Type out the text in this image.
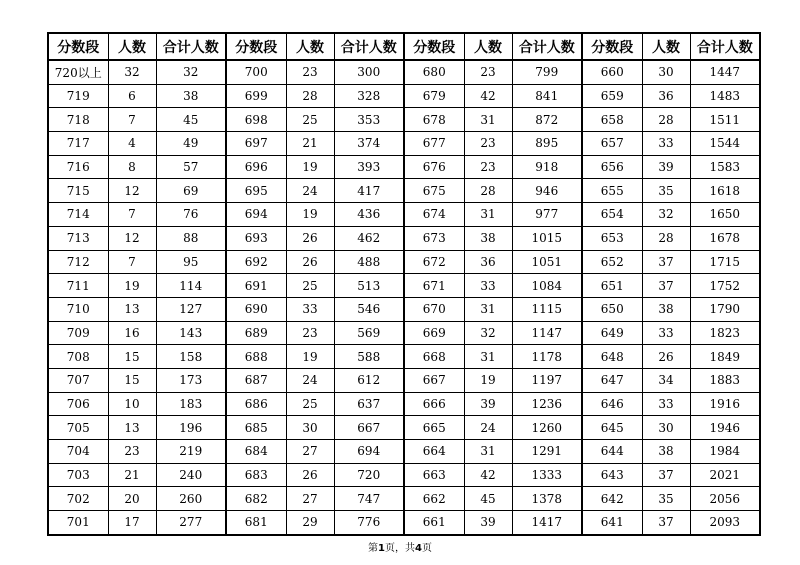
分数段	人数	合计人数	分数段	人数	合计人数	分数段	人数	合计人数	分数段	人数	合计人数
720以上	32	32	700	23	300	680	23	799	660	30	1447
719	6	38	699	28	328	679	42	841	659	36	1483
718	7	45	698	25	353	678	31	872	658	28	1511
717	4	49	697	21	374	677	23	895	657	33	1544
716	8	57	696	19	393	676	23	918	656	39	1583
715	12	69	695	24	417	675	28	946	655	35	1618
714	7	76	694	19	436	674	31	977	654	32	1650
713	12	88	693	26	462	673	38	1015	653	28	1678
712	7	95	692	26	488	672	36	1051	652	37	1715
711	19	114	691	25	513	671	33	1084	651	37	1752
710	13	127	690	33	546	670	31	1115	650	38	1790
709	16	143	689	23	569	669	32	1147	649	33	1823
708	15	158	688	19	588	668	31	1178	648	26	1849
707	15	173	687	24	612	667	19	1197	647	34	1883
706	10	183	686	25	637	666	39	1236	646	33	1916
705	13	196	685	30	667	665	24	1260	645	30	1946
704	23	219	684	27	694	664	31	1291	644	38	1984
703	21	240	683	26	720	663	42	1333	643	37	2021
702	20	260	682	27	747	662	45	1378	642	35	2056
701	17	277	681	29	776	661	39	1417	641	37	2093
第1页，共4页
